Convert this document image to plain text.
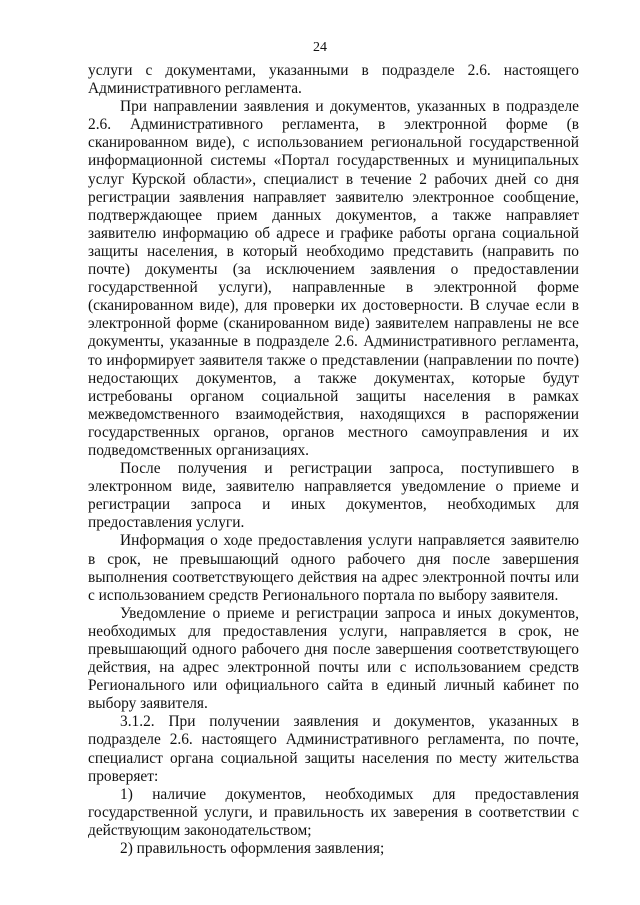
24

услуги с документами, указанными в подразделе 2.6. настоящего Административного регламента.

При направлении заявления и документов, указанных в подразделе 2.6. Административного регламента, в электронной форме (в сканированном виде), с использованием региональной государственной информационной системы «Портал государственных и муниципальных услуг Курской области», специалист в течение 2 рабочих дней со дня регистрации заявления направляет заявителю электронное сообщение, подтверждающее прием данных документов, а также направляет заявителю информацию об адресе и графике работы органа социальной защиты населения, в который необходимо представить (направить по почте) документы (за исключением заявления о предоставлении государственной услуги), направленные в электронной форме (сканированном виде), для проверки их достоверности. В случае если в электронной форме (сканированном виде) заявителем направлены не все документы, указанные в подразделе 2.6. Административного регламента, то информирует заявителя также о представлении (направлении по почте) недостающих документов, а также документах, которые будут истребованы органом социальной защиты населения в рамках межведомственного взаимодействия, находящихся в распоряжении государственных органов, органов местного самоуправления и их подведомственных организациях.

После получения и регистрации запроса, поступившего в электронном виде, заявителю направляется уведомление о приеме и регистрации запроса и иных документов, необходимых для предоставления услуги.

Информация о ходе предоставления услуги направляется заявителю в срок, не превышающий одного рабочего дня после завершения выполнения соответствующего действия на адрес электронной почты или с использованием средств Регионального портала по выбору заявителя.

Уведомление о приеме и регистрации запроса и иных документов, необходимых для предоставления услуги, направляется в срок, не превышающий одного рабочего дня после завершения соответствующего действия, на адрес электронной почты или с использованием средств Регионального или официального сайта в единый личный кабинет по выбору заявителя.

3.1.2. При получении заявления и документов, указанных в подразделе 2.6. настоящего Административного регламента, по почте, специалист органа социальной защиты населения по месту жительства проверяет:

1) наличие документов, необходимых для предоставления государственной услуги, и правильность их заверения в соответствии с действующим законодательством;

2) правильность оформления заявления;
